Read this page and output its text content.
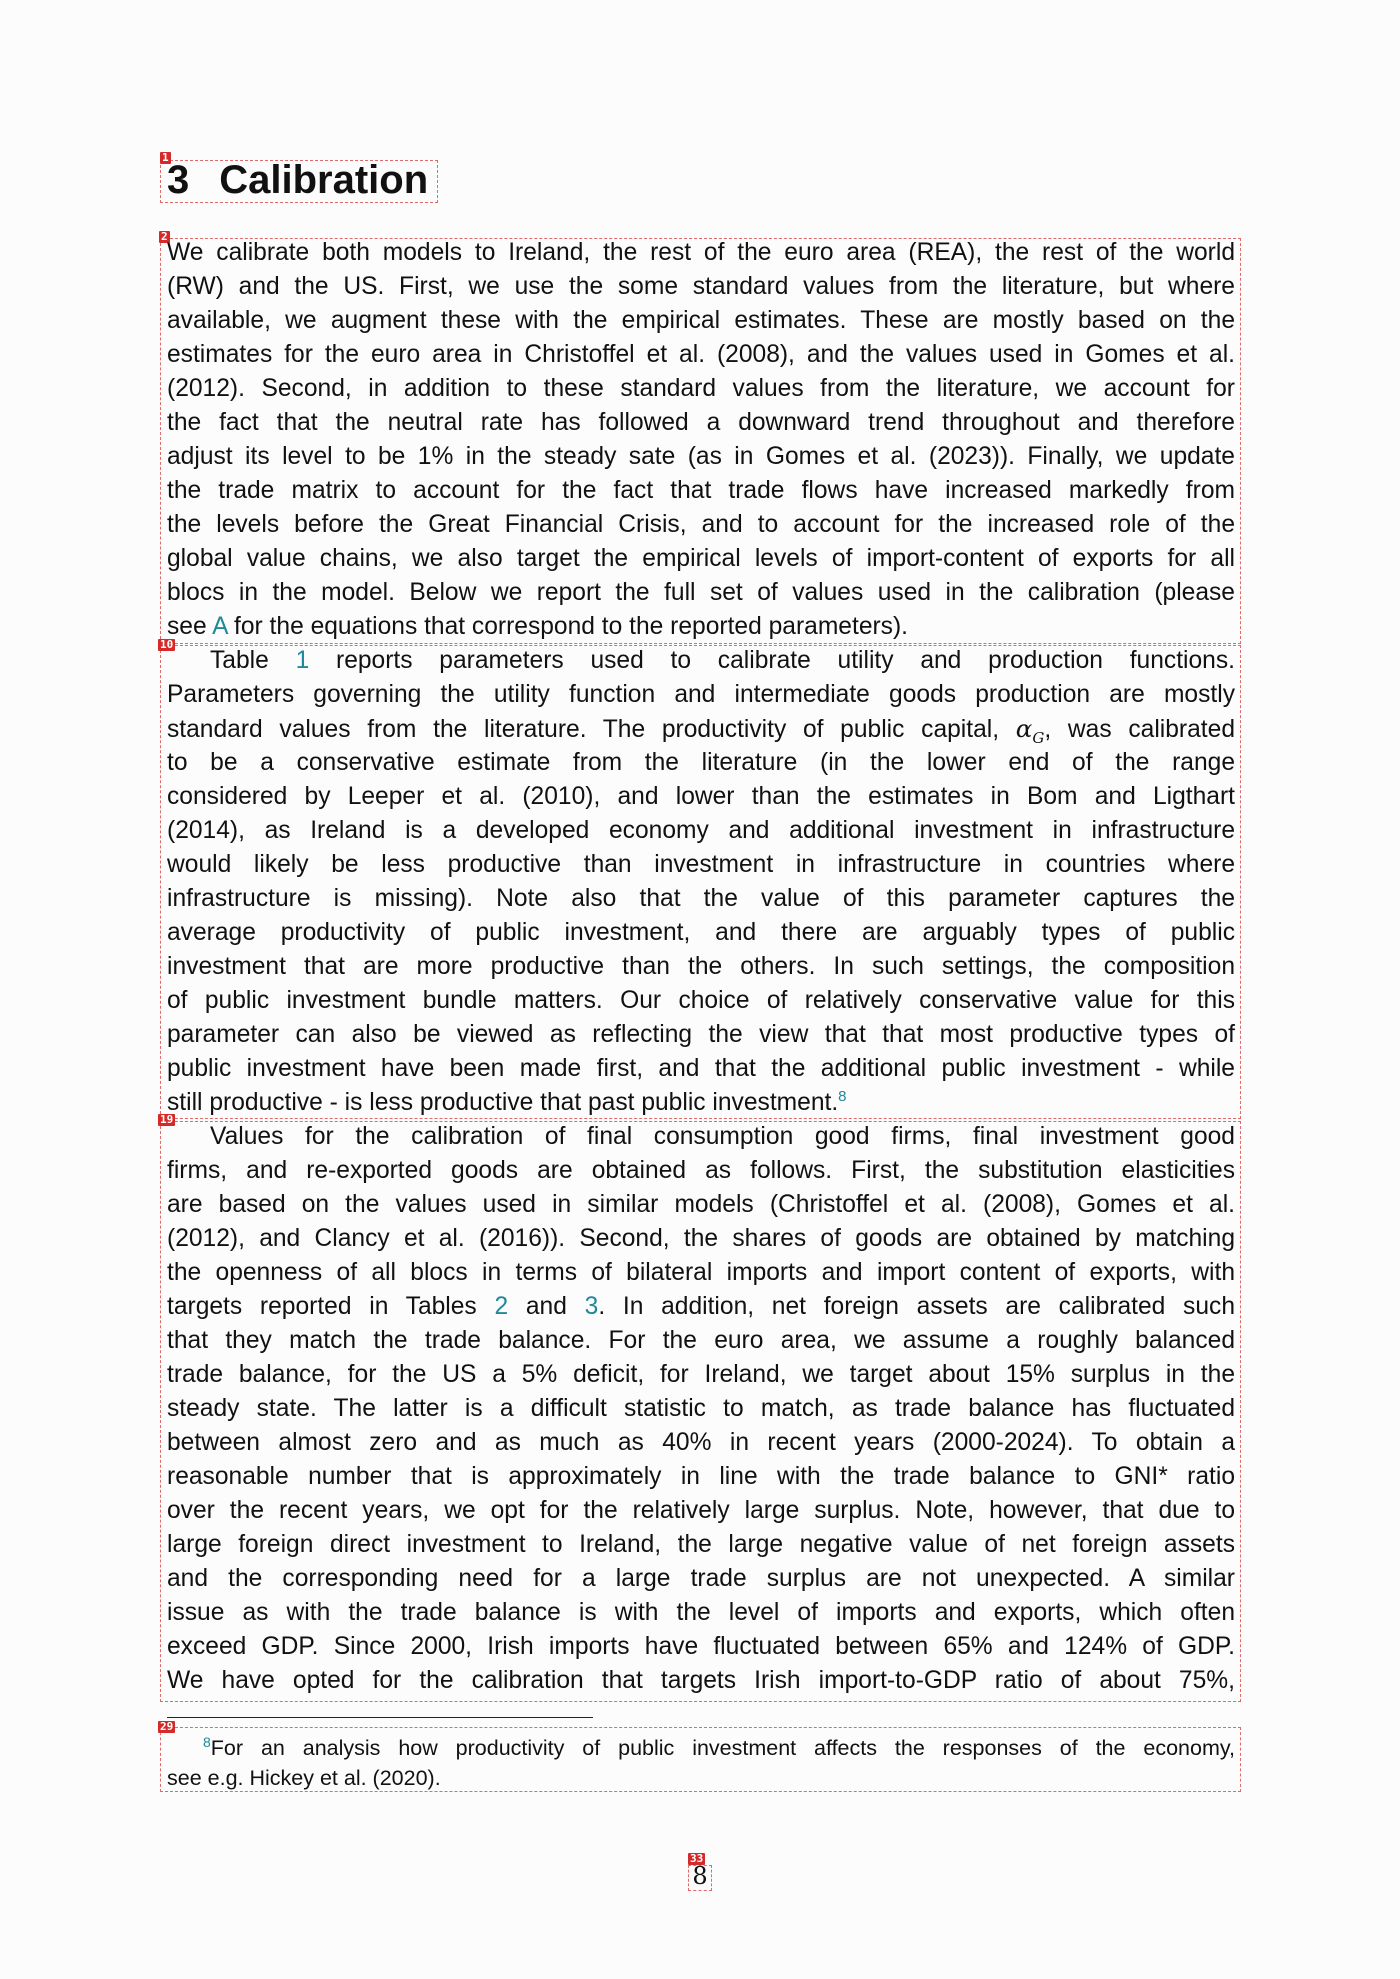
1
2
10
19
29
33
3 Calibration
We calibrate both models to Ireland, the rest of the euro area (REA), the rest of the world
(RW) and the US. First, we use the some standard values from the literature, but where
available, we augment these with the empirical estimates. These are mostly based on the
estimates for the euro area in Christoffel et al. (2008), and the values used in Gomes et al.
(2012). Second, in addition to these standard values from the literature, we account for
the fact that the neutral rate has followed a downward trend throughout and therefore
adjust its level to be 1% in the steady sate (as in Gomes et al. (2023)). Finally, we update
the trade matrix to account for the fact that trade flows have increased markedly from
the levels before the Great Financial Crisis, and to account for the increased role of the
global value chains, we also target the empirical levels of import-content of exports for all
blocs in the model. Below we report the full set of values used in the calibration (please
see A for the equations that correspond to the reported parameters).
Table 1 reports parameters used to calibrate utility and production functions.
Parameters governing the utility function and intermediate goods production are mostly
standard values from the literature. The productivity of public capital, $\alpha_G$, was calibrated
to be a conservative estimate from the literature (in the lower end of the range
considered by Leeper et al. (2010), and lower than the estimates in Bom and Ligthart
(2014), as Ireland is a developed economy and additional investment in infrastructure
would likely be less productive than investment in infrastructure in countries where
infrastructure is missing). Note also that the value of this parameter captures the
average productivity of public investment, and there are arguably types of public
investment that are more productive than the others. In such settings, the composition
of public investment bundle matters. Our choice of relatively conservative value for this
parameter can also be viewed as reflecting the view that that most productive types of
public investment have been made first, and that the additional public investment - while
still productive - is less productive that past public investment.$^8$
Values for the calibration of final consumption good firms, final investment good
firms, and re-exported goods are obtained as follows. First, the substitution elasticities
are based on the values used in similar models (Christoffel et al. (2008), Gomes et al.
(2012), and Clancy et al. (2016)). Second, the shares of goods are obtained by matching
the openness of all blocs in terms of bilateral imports and import content of exports, with
targets reported in Tables 2 and 3. In addition, net foreign assets are calibrated such
that they match the trade balance. For the euro area, we assume a roughly balanced
trade balance, for the US a 5% deficit, for Ireland, we target about 15% surplus in the
steady state. The latter is a difficult statistic to match, as trade balance has fluctuated
between almost zero and as much as 40% in recent years (2000-2024). To obtain a
reasonable number that is approximately in line with the trade balance to GNI* ratio
over the recent years, we opt for the relatively large surplus. Note, however, that due to
large foreign direct investment to Ireland, the large negative value of net foreign assets
and the corresponding need for a large trade surplus are not unexpected. A similar
issue as with the trade balance is with the level of imports and exports, which often
exceed GDP. Since 2000, Irish imports have fluctuated between 65% and 124% of GDP.
We have opted for the calibration that targets Irish import-to-GDP ratio of about 75%,
$^8$For an analysis how productivity of public investment affects the responses of the economy,
see e.g. Hickey et al. (2020).
8
